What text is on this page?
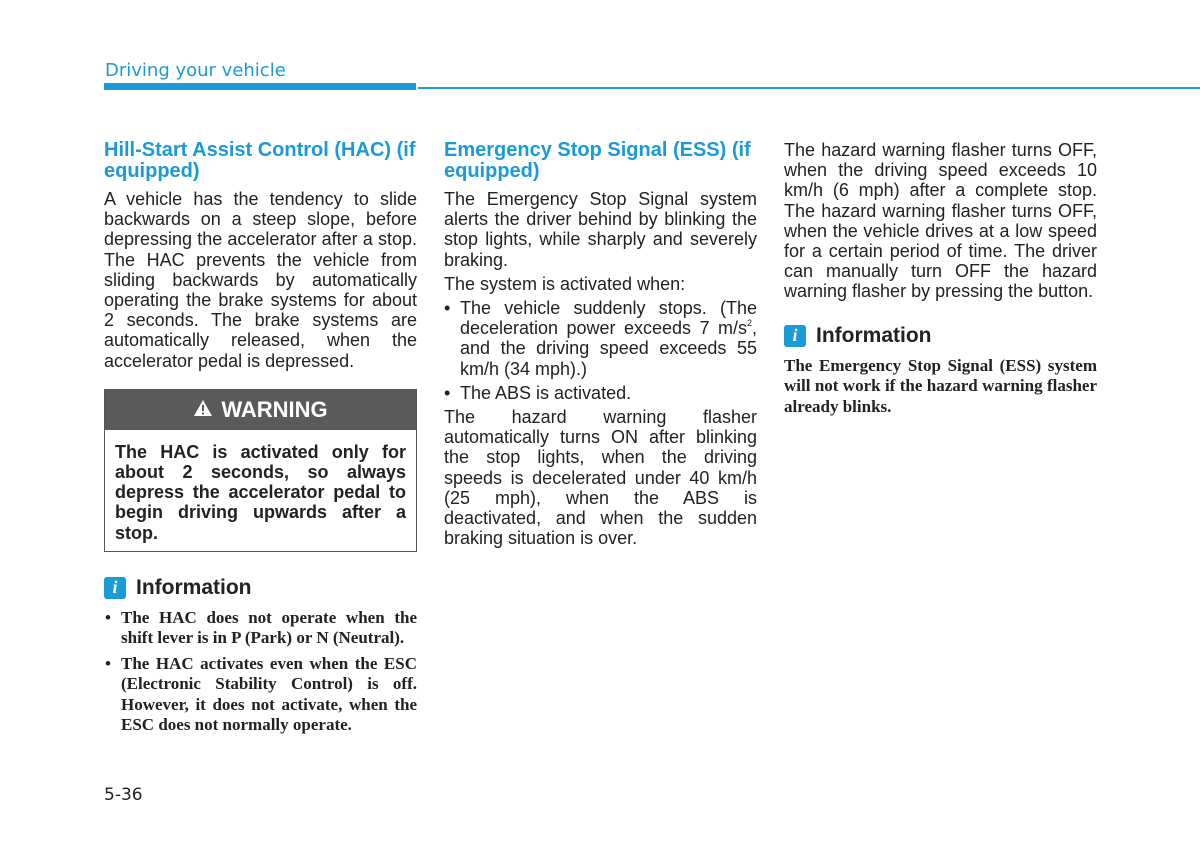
Driving your vehicle
Hill-Start Assist Control (HAC) (if equipped)

A vehicle has the tendency to slide backwards on a steep slope, before depressing the accelerator after a stop. The HAC prevents the vehicle from sliding backwards by automatically operating the brake systems for about 2 seconds. The brake systems are automatically released, when the accelerator pedal is depressed.

WARNING
The HAC is activated only for about 2 seconds, so always depress the accelerator pedal to begin driving upwards after a stop.
i Information
• The HAC does not operate when the shift lever is in P (Park) or N (Neutral).
• The HAC activates even when the ESC (Electronic Stability Control) is off. However, it does not activate, when the ESC does not normally operate.
Emergency Stop Signal (ESS) (if equipped)

The Emergency Stop Signal system alerts the driver behind by blinking the stop lights, while sharply and severely braking.

The system is activated when:

• The vehicle suddenly stops. (The deceleration power exceeds 7 $m/s^2$, and the driving speed exceeds 55 km/h (34 mph).)
• The ABS is activated.

The hazard warning flasher automatically turns ON after blinking the stop lights, when the driving speeds is decelerated under 40 km/h (25 mph), when the ABS is deactivated, and when the sudden braking situation is over.

The hazard warning flasher turns OFF, when the driving speed exceeds 10 km/h (6 mph) after a complete stop. The hazard warning flasher turns OFF, when the vehicle drives at a low speed for a certain period of time. The driver can manually turn OFF the hazard warning flasher by pressing the button.

i Information

The Emergency Stop Signal (ESS) system will not work if the hazard warning flasher already blinks.

5-36
